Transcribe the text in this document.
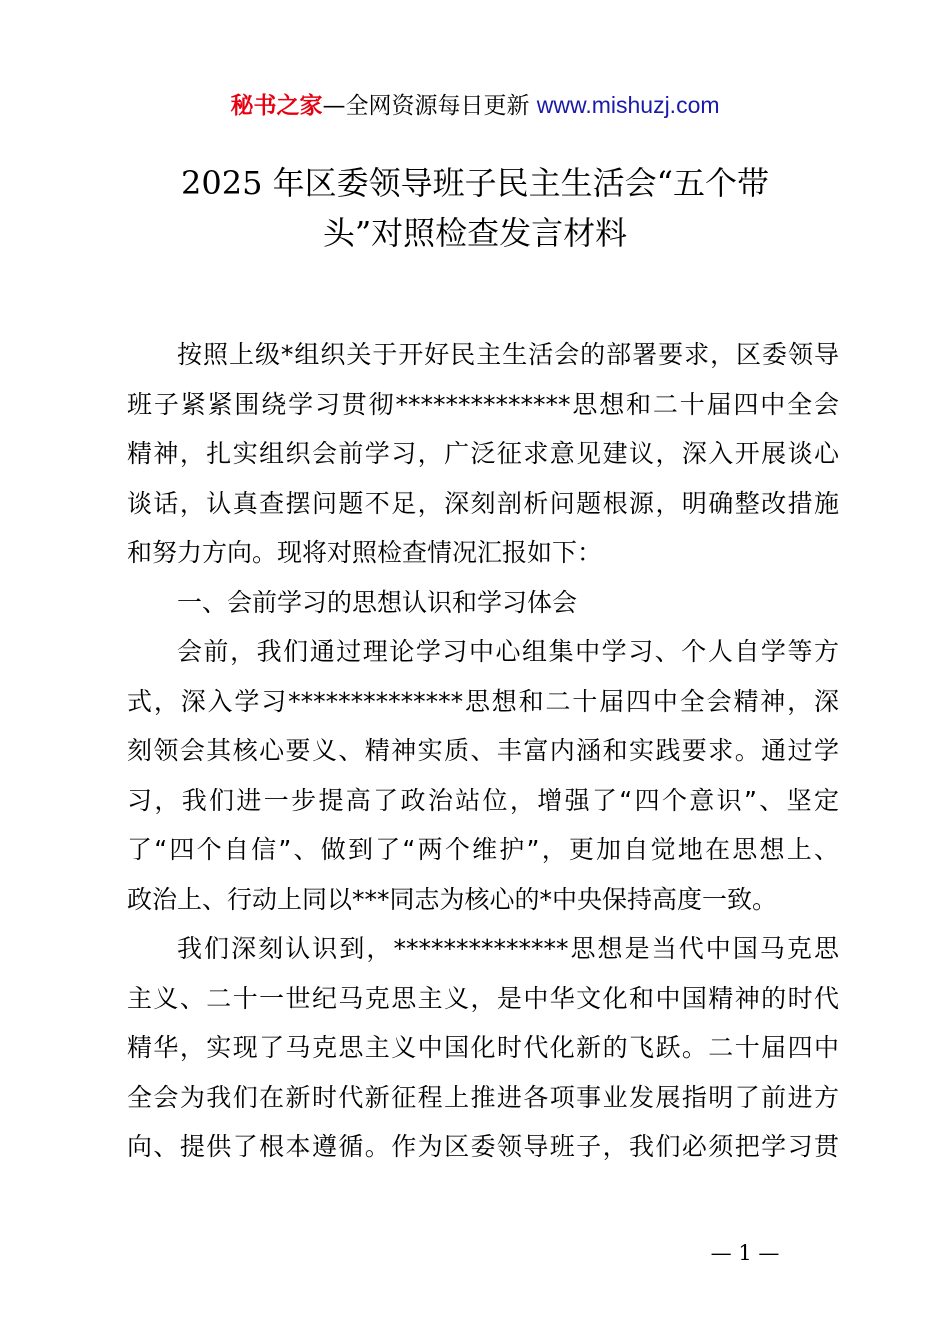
秘书之家—全网资源每日更新 www.mishuzj.com
2025 年区委领导班子民主生活会“五个带
头”对照检查发言材料
按照上级*组织关于开好民主生活会的部署要求，区委领导
班子紧紧围绕学习贯彻**************思想和二十届四中全会
精神，扎实组织会前学习，广泛征求意见建议，深入开展谈心
谈话，认真查摆问题不足，深刻剖析问题根源，明确整改措施
和努力方向。现将对照检查情况汇报如下：
一、会前学习的思想认识和学习体会
会前，我们通过理论学习中心组集中学习、个人自学等方
式，深入学习**************思想和二十届四中全会精神，深
刻领会其核心要义、精神实质、丰富内涵和实践要求。通过学
习，我们进一步提高了政治站位，增强了“四个意识”、坚定
了“四个自信”、做到了“两个维护”，更加自觉地在思想上、
政治上、行动上同以***同志为核心的*中央保持高度一致。
我们深刻认识到，**************思想是当代中国马克思
主义、二十一世纪马克思主义，是中华文化和中国精神的时代
精华，实现了马克思主义中国化时代化新的飞跃。二十届四中
全会为我们在新时代新征程上推进各项事业发展指明了前进方
向、提供了根本遵循。作为区委领导班子，我们必须把学习贯
— 1 —
